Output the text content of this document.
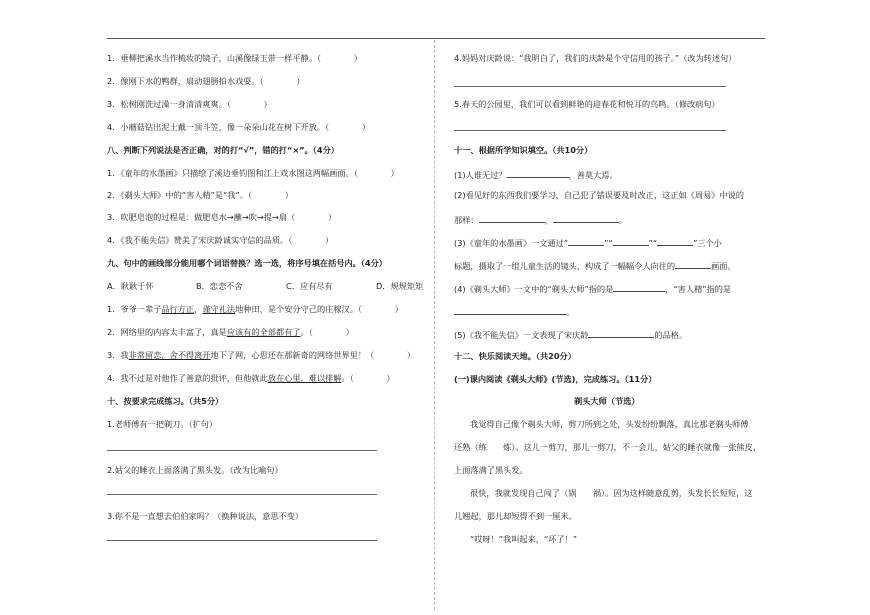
1．垂柳把溪水当作梳妆的镜子，山溪像绿玉带一样平静。（　　　　）
2．像刚下水的鸭群，扇动翅膀拍水戏耍。（　　　　）
3．松树刚洗过澡一身清清爽爽。（　　　　）
4．小蘑菇钻出泥土戴一顶斗笠，像一朵朵山花在树下开放。（　　　　）
八、判断下列说法是否正确，对的打“√”，错的打“×”。（4分）
1．《童年的水墨画》只描绘了溪边垂钓图和江上戏水图这两幅画面。（　　　　）
2．《剃头大师》中的“害人精”是“我”。（　　　　）
3．吹肥皂泡的过程是：做肥皂水→蘸→吹→提→扇（　　　　）
4．《我不能失信》赞美了宋庆龄诚实守信的品质。（　　　　）
九、句中的画线部分能用哪个词语替换？选一选，将序号填在括号内。（4分）
A．耿耿于怀	B．恋恋不舍	C．应有尽有	D．规规矩矩
1．爷爷一辈子品行方正，谨守礼法地种田，是个安分守己的庄稼汉。（　　　　）
2．网络里的内容太丰富了，真是应该有的全部都有了。（　　　　）
3．我非常留恋，舍不得离开地下了网，心思还在那新奇的网络世界里！（　　　　）
4．我不过是对他作了善意的批评，但他就此放在心里，难以排解。（　　　　）
十、按要求完成练习。（共5分）
1.老师傅有一把剃刀。（扩句）
2.姑父的睡衣上面落满了黑头发。（改为比喻句）
3.你不是一直想去伯伯家吗？（换种说法，意思不变）
4.妈妈对庆龄说：“我明白了，我们的庆龄是个守信用的孩子。”（改为转述句）
5.春天的公园里，我们可以看到鲜艳的迎春花和悦耳的鸟鸣。（修改病句）
十一、根据所学知识填空。（共10分）
(1)人谁无过？	，善莫大焉。
(2)看见好的东西我们要学习，自己犯了错误要及时改正，这正如《周易》中说的
那样：	，	。
(3)《童年的水墨画》一文通过“	”“	”“	”三个小
标题，摄取了一组儿童生活的镜头，构成了一幅幅令人向往的	画面。
(4)《剃头大师》一文中的“剃头大师”指的是	，“害人精”指的是
。
(5)《我不能失信》一文表现了宋庆龄	的品格。
十二、快乐阅读天地。（共20分）
(一)课内阅读《剃头大师》(节选)，完成练习。（11分）
剃头大师（节选）
我觉得自己像个剃头大师，剪刀所到之处，头发纷纷飘落，真比那老剃头师傅
还熟（练　　炼）。这儿一剪刀，那儿一剪刀，不一会儿，姑父的睡衣就像一张熊皮，
上面落满了黑头发。
很快，我就发现自己闯了（锅　　祸）。因为这样随意乱剪，头发长长短短，这
儿翘起，那儿却短得不到一厘米。
“哎呀！”我叫起来，“坏了！”
